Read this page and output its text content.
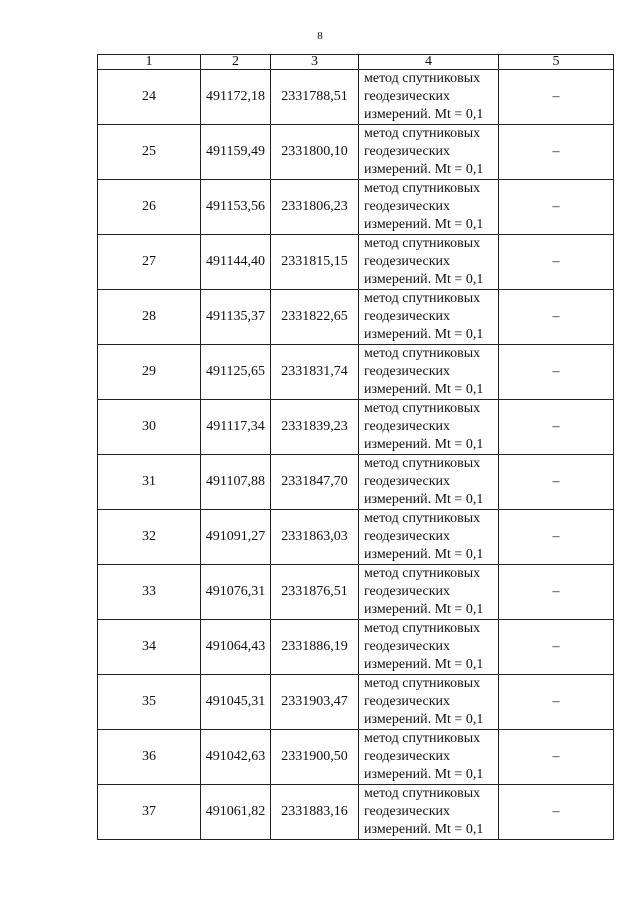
8
1	2	3	4	5
24	491172,18	2331788,51	метод спутниковых
геодезических
измерений. Mt = 0,1	–
25	491159,49	2331800,10	метод спутниковых
геодезических
измерений. Mt = 0,1	–
26	491153,56	2331806,23	метод спутниковых
геодезических
измерений. Mt = 0,1	–
27	491144,40	2331815,15	метод спутниковых
геодезических
измерений. Mt = 0,1	–
28	491135,37	2331822,65	метод спутниковых
геодезических
измерений. Mt = 0,1	–
29	491125,65	2331831,74	метод спутниковых
геодезических
измерений. Mt = 0,1	–
30	491117,34	2331839,23	метод спутниковых
геодезических
измерений. Mt = 0,1	–
31	491107,88	2331847,70	метод спутниковых
геодезических
измерений. Mt = 0,1	–
32	491091,27	2331863,03	метод спутниковых
геодезических
измерений. Mt = 0,1	–
33	491076,31	2331876,51	метод спутниковых
геодезических
измерений. Mt = 0,1	–
34	491064,43	2331886,19	метод спутниковых
геодезических
измерений. Mt = 0,1	–
35	491045,31	2331903,47	метод спутниковых
геодезических
измерений. Mt = 0,1	–
36	491042,63	2331900,50	метод спутниковых
геодезических
измерений. Mt = 0,1	–
37	491061,82	2331883,16	метод спутниковых
геодезических
измерений. Mt = 0,1	–
